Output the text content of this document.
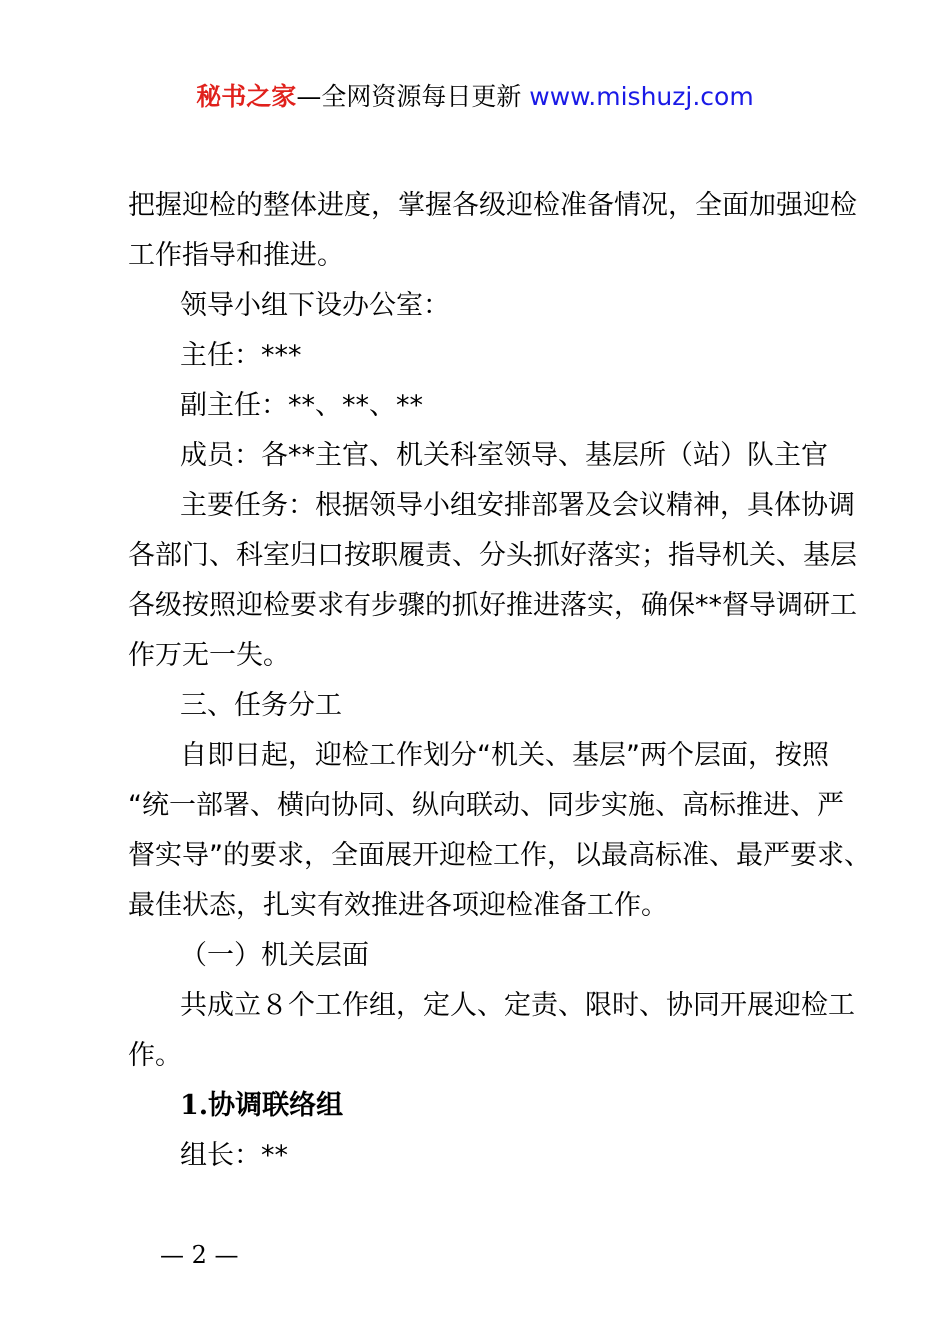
秘书之家—全网资源每日更新 www.mishuzj.com
把握迎检的整体进度，掌握各级迎检准备情况，全面加强迎检
工作指导和推进。
领导小组下设办公室：
主任：***
副主任：**、**、**
成员：各**主官、机关科室领导、基层所（站）队主官
主要任务：根据领导小组安排部署及会议精神，具体协调
各部门、科室归口按职履责、分头抓好落实；指导机关、基层
各级按照迎检要求有步骤的抓好推进落实，确保**督导调研工
作万无一失。
三、任务分工
自即日起，迎检工作划分“机关、基层”两个层面，按照
“统一部署、横向协同、纵向联动、同步实施、高标推进、严
督实导”的要求，全面展开迎检工作，以最高标准、最严要求、
最佳状态，扎实有效推进各项迎检准备工作。
（一）机关层面
共成立８个工作组，定人、定责、限时、协同开展迎检工
作。
1.协调联络组
组长：**
— 2 —
